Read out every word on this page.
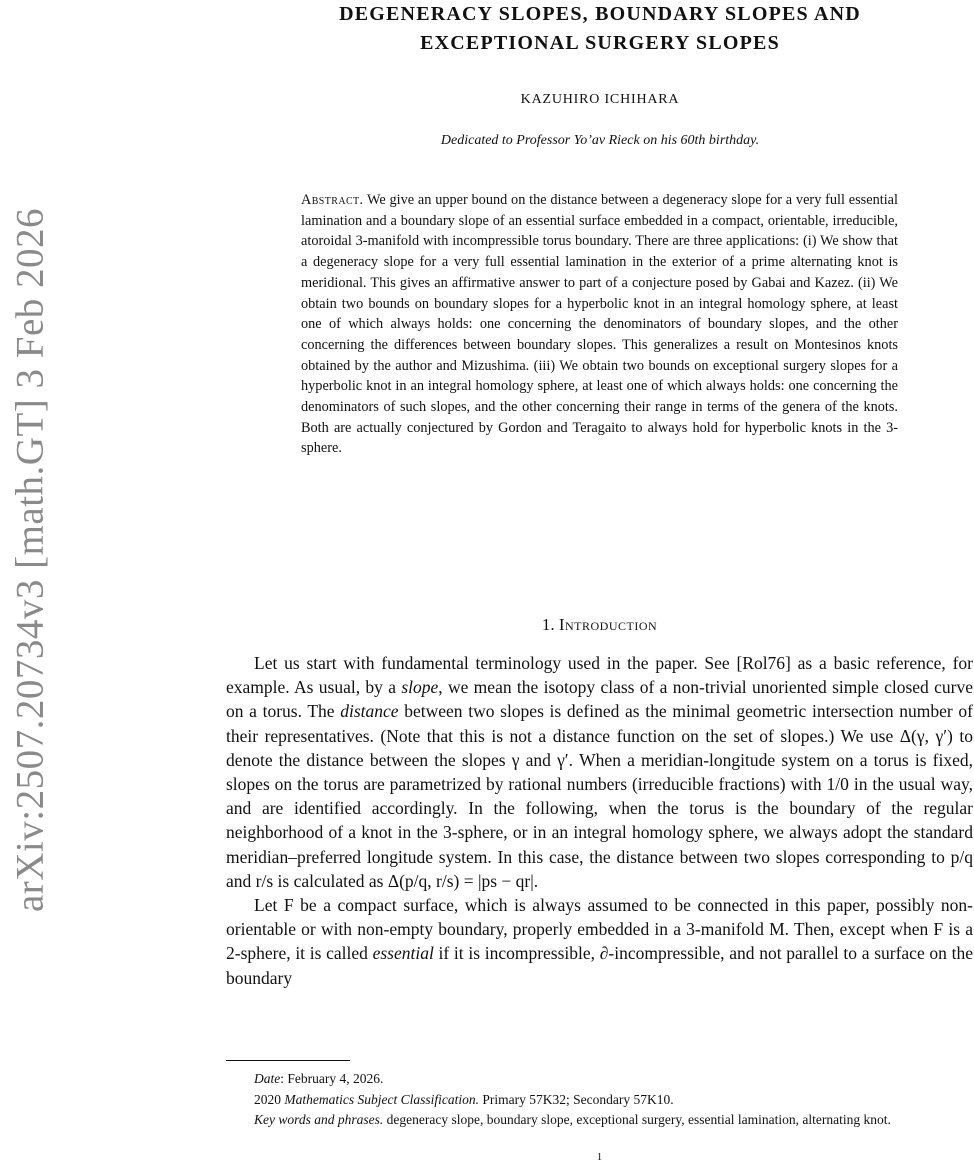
arXiv:2507.20734v3 [math.GT] 3 Feb 2026
DEGENERACY SLOPES, BOUNDARY SLOPES AND
EXCEPTIONAL SURGERY SLOPES
KAZUHIRO ICHIHARA
Dedicated to Professor Yo’av Rieck on his 60th birthday.
Abstract. We give an upper bound on the distance between a degeneracy slope for a very full essential lamination and a boundary slope of an essential surface embedded in a compact, orientable, irreducible, atoroidal 3-manifold with incompressible torus boundary. There are three applications: (i) We show that a degeneracy slope for a very full essential lamination in the exterior of a prime alternating knot is meridional. This gives an affirmative answer to part of a conjecture posed by Gabai and Kazez. (ii) We obtain two bounds on boundary slopes for a hyperbolic knot in an integral homology sphere, at least one of which always holds: one concerning the denominators of boundary slopes, and the other concerning the differences between boundary slopes. This generalizes a result on Montesinos knots obtained by the author and Mizushima. (iii) We obtain two bounds on exceptional surgery slopes for a hyperbolic knot in an integral homology sphere, at least one of which always holds: one concerning the denominators of such slopes, and the other concerning their range in terms of the genera of the knots. Both are actually conjectured by Gordon and Teragaito to always hold for hyperbolic knots in the 3-sphere.
1. Introduction

Let us start with fundamental terminology used in the paper. See [Rol76] as a basic reference, for example. As usual, by a slope, we mean the isotopy class of a non-trivial unoriented simple closed curve on a torus. The distance between two slopes is defined as the minimal geometric intersection number of their representatives. (Note that this is not a distance function on the set of slopes.) We use Δ(γ, γ′) to denote the distance between the slopes γ and γ′. When a meridian-longitude system on a torus is fixed, slopes on the torus are parametrized by rational numbers (irreducible fractions) with 1/0 in the usual way, and are identified accordingly. In the following, when the torus is the boundary of the regular neighborhood of a knot in the 3-sphere, or in an integral homology sphere, we always adopt the standard meridian–preferred longitude system. In this case, the distance between two slopes corresponding to p/q and r/s is calculated as Δ(p/q, r/s) = |ps − qr|.

Let F be a compact surface, which is always assumed to be connected in this paper, possibly non-orientable or with non-empty boundary, properly embedded in a 3-manifold M. Then, except when F is a 2-sphere, it is called essential if it is incompressible, ∂-incompressible, and not parallel to a surface on the boundary

Date: February 4, 2026.

2020 Mathematics Subject Classification. Primary 57K32; Secondary 57K10.

Key words and phrases. degeneracy slope, boundary slope, exceptional surgery, essential lamination, alternating knot.

1
